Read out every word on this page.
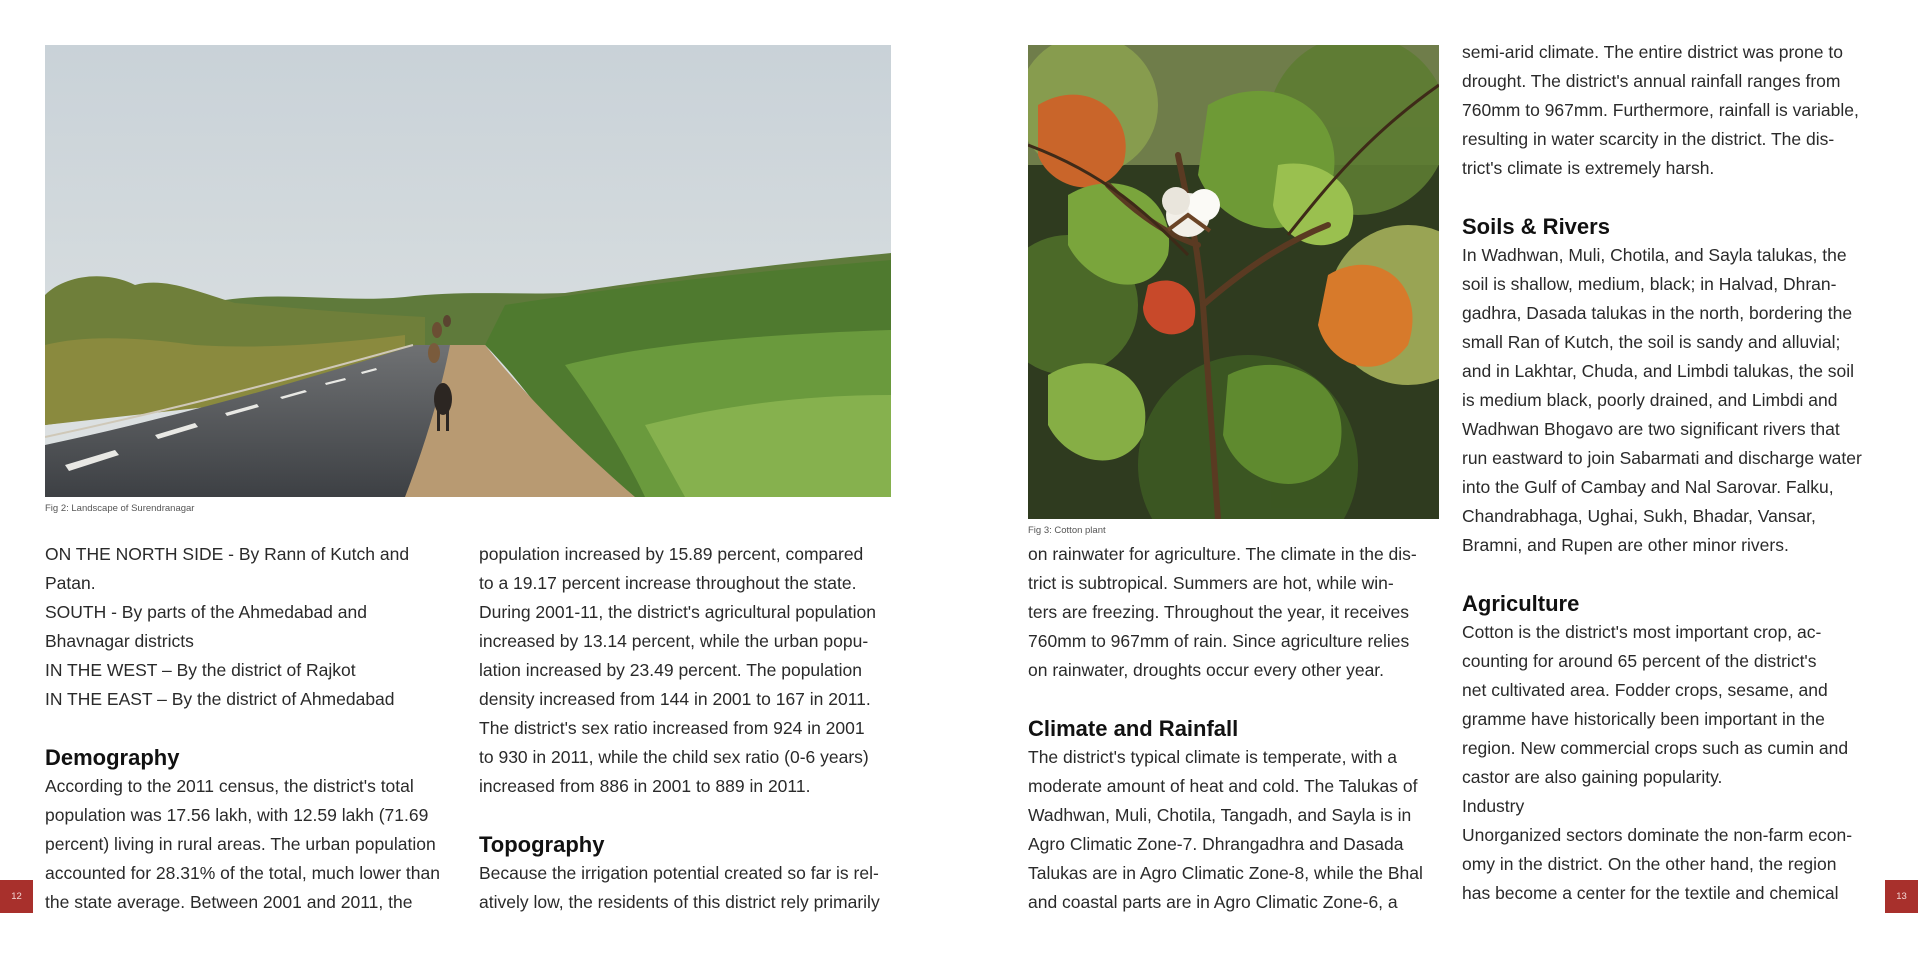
Fig 2: Landscape of Surendranagar

ON THE NORTH SIDE - By Rann of Kutch and

Patan.

SOUTH - By parts of the Ahmedabad and

Bhavnagar districts

IN THE WEST – By the district of Rajkot

IN THE EAST – By the district of Ahmedabad

Demography

According to the 2011 census, the district's total

population was 17.56 lakh, with 12.59 lakh (71.69

percent) living in rural areas. The urban population

accounted for 28.31% of the total, much lower than

the state average. Between 2001 and 2011, the

population increased by 15.89 percent, compared

to a 19.17 percent increase throughout the state.

During 2001-11, the district's agricultural population

increased by 13.14 percent, while the urban popu-

lation increased by 23.49 percent. The population

density increased from 144 in 2001 to 167 in 2011.

The district's sex ratio increased from 924 in 2001

to 930 in 2011, while the child sex ratio (0-6 years)

increased from 886 in 2001 to 889 in 2011.

Topography

Because the irrigation potential created so far is rel-

atively low, the residents of this district rely primarily

12
Fig 3: Cotton plant

on rainwater for agriculture. The climate in the dis-

trict is subtropical. Summers are hot, while win-

ters are freezing. Throughout the year, it receives

760mm to 967mm of rain. Since agriculture relies

on rainwater, droughts occur every other year.

Climate and Rainfall

The district's typical climate is temperate, with a

moderate amount of heat and cold. The Talukas of

Wadhwan, Muli, Chotila, Tangadh, and Sayla is in

Agro Climatic Zone-7. Dhrangadhra and Dasada

Talukas are in Agro Climatic Zone-8, while the Bhal

and coastal parts are in Agro Climatic Zone-6, a

semi-arid climate. The entire district was prone to

drought. The district's annual rainfall ranges from

760mm to 967mm. Furthermore, rainfall is variable,

resulting in water scarcity in the district. The dis-

trict's climate is extremely harsh.

Soils & Rivers

In Wadhwan, Muli, Chotila, and Sayla talukas, the

soil is shallow, medium, black; in Halvad, Dhran-

gadhra, Dasada talukas in the north, bordering the

small Ran of Kutch, the soil is sandy and alluvial;

and in Lakhtar, Chuda, and Limbdi talukas, the soil

is medium black, poorly drained, and Limbdi and

Wadhwan Bhogavo are two significant rivers that

run eastward to join Sabarmati and discharge water

into the Gulf of Cambay and Nal Sarovar. Falku,

Chandrabhaga, Ughai, Sukh, Bhadar, Vansar,

Bramni, and Rupen are other minor rivers.

Agriculture

Cotton is the district's most important crop, ac-

counting for around 65 percent of the district's

net cultivated area. Fodder crops, sesame, and

gramme have historically been important in the

region. New commercial crops such as cumin and

castor are also gaining popularity.

Industry

Unorganized sectors dominate the non-farm econ-

omy in the district. On the other hand, the region

has become a center for the textile and chemical	13
